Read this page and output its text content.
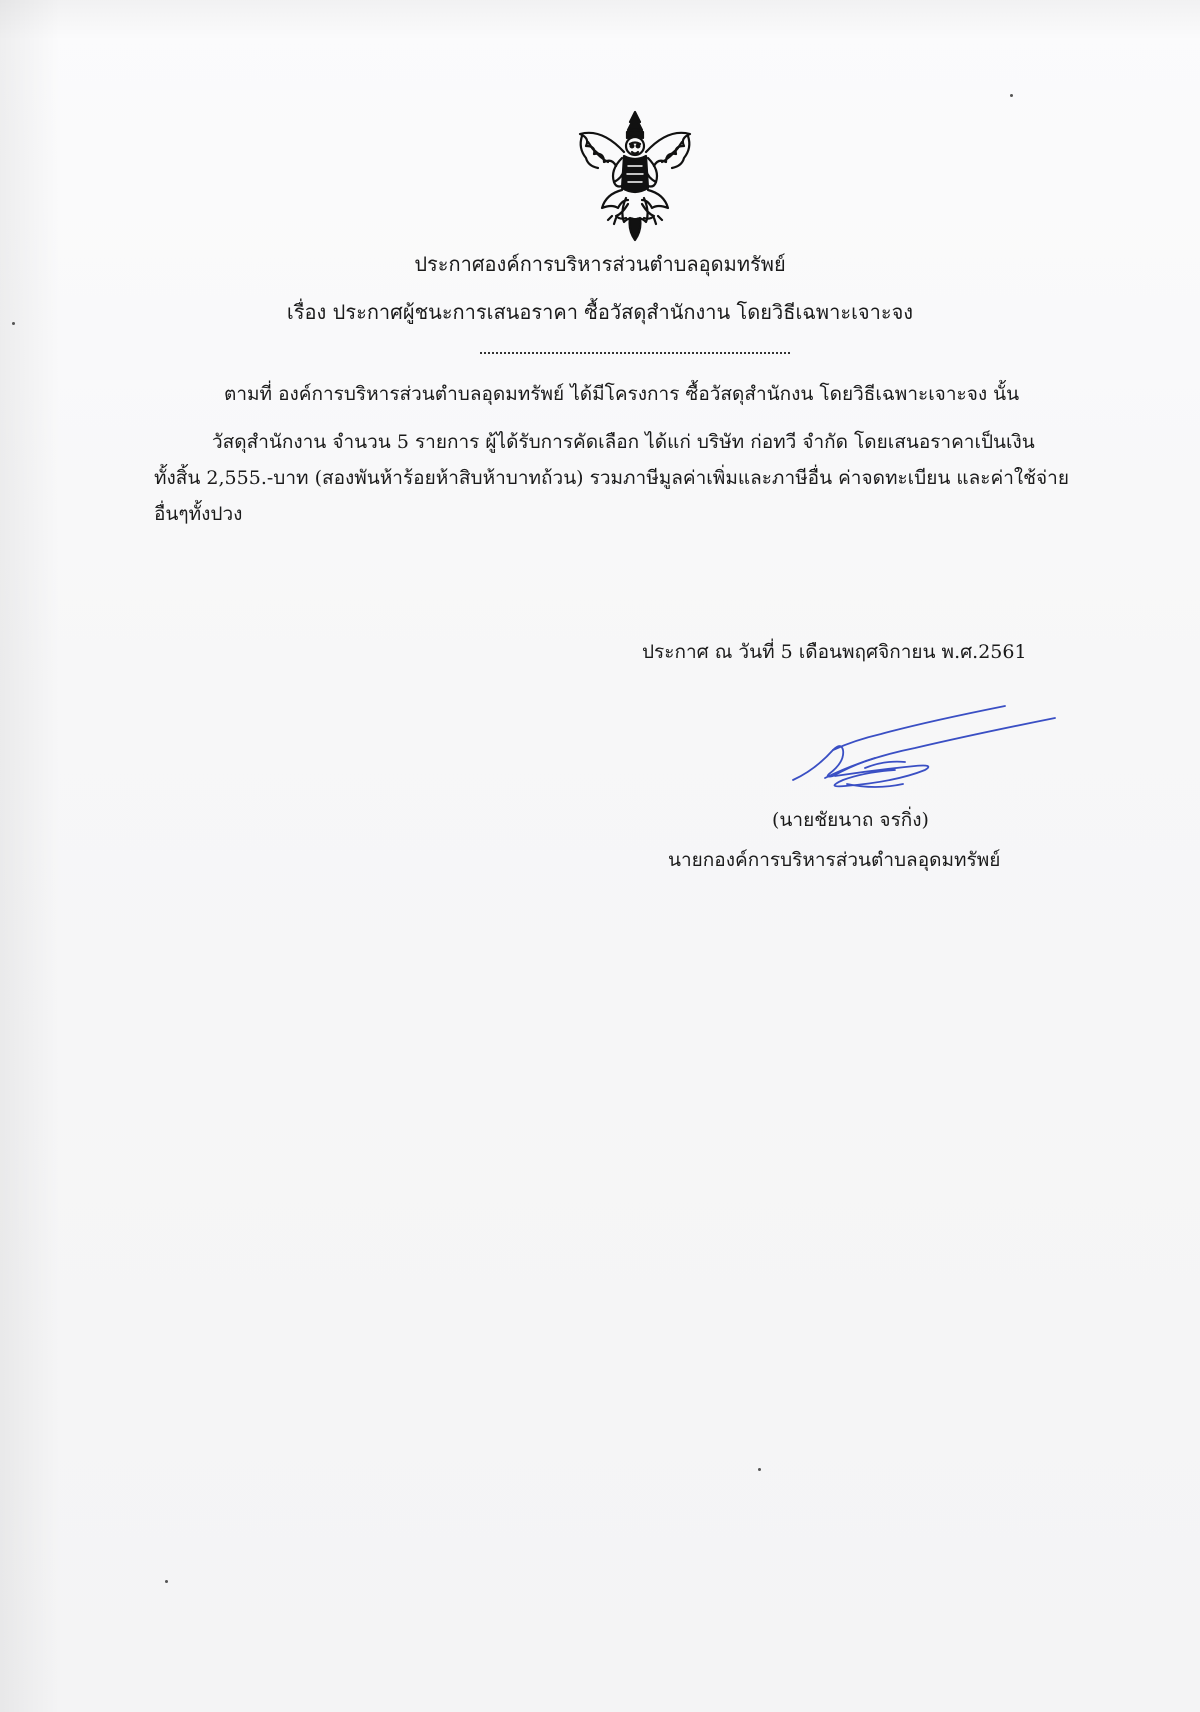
ประกาศองค์การบริหารส่วนตำบลอุดมทรัพย์
เรื่อง ประกาศผู้ชนะการเสนอราคา ซื้อวัสดุสำนักงาน โดยวิธีเฉพาะเจาะจง
ตามที่ องค์การบริหารส่วนตำบลอุดมทรัพย์ ได้มีโครงการ ซื้อวัสดุสำนักงน โดยวิธีเฉพาะเจาะจง นั้น
วัสดุสำนักงาน จำนวน 5 รายการ ผู้ได้รับการคัดเลือก ได้แก่ บริษัท ก่อทวี จำกัด โดยเสนอราคาเป็นเงิน
ทั้งสิ้น 2,555.-บาท (สองพันห้าร้อยห้าสิบห้าบาทถ้วน) รวมภาษีมูลค่าเพิ่มและภาษีอื่น ค่าจดทะเบียน และค่าใช้จ่าย
อื่นๆทั้งปวง
ประกาศ ณ วันที่ 5 เดือนพฤศจิกายน พ.ศ.2561
(นายชัยนาถ จรกิ่ง)
นายกองค์การบริหารส่วนตำบลอุดมทรัพย์
